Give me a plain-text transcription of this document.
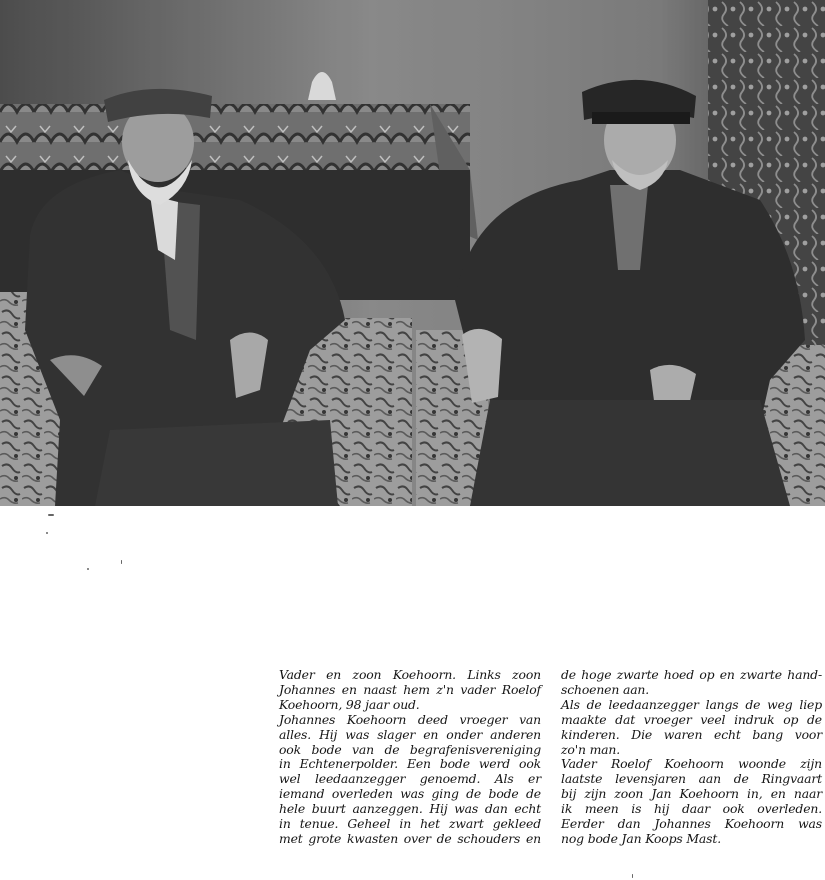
Vader en zoon Koehoorn. Links zoon
Johannes en naast hem z'n vader Roelof
Koehoorn, 98 jaar oud.
Johannes Koehoorn deed vroeger van
alles. Hij was slager en onder anderen
ook bode van de begrafenisvereniging
in Echtenerpolder. Een bode werd ook
wel leedaanzegger genoemd. Als er
iemand overleden was ging de bode de
hele buurt aanzeggen. Hij was dan echt
in tenue. Geheel in het zwart gekleed
met grote kwasten over de schouders en
de hoge zwarte hoed op en zwarte hand-
schoenen aan.
Als de leedaanzegger langs de weg liep
maakte dat vroeger veel indruk op de
kinderen. Die waren echt bang voor
zo'n man.
Vader Roelof Koehoorn woonde zijn
laatste levensjaren aan de Ringvaart
bij zijn zoon Jan Koehoorn in, en naar
ik meen is hij daar ook overleden.
Eerder dan Johannes Koehoorn was
nog bode Jan Koops Mast.
